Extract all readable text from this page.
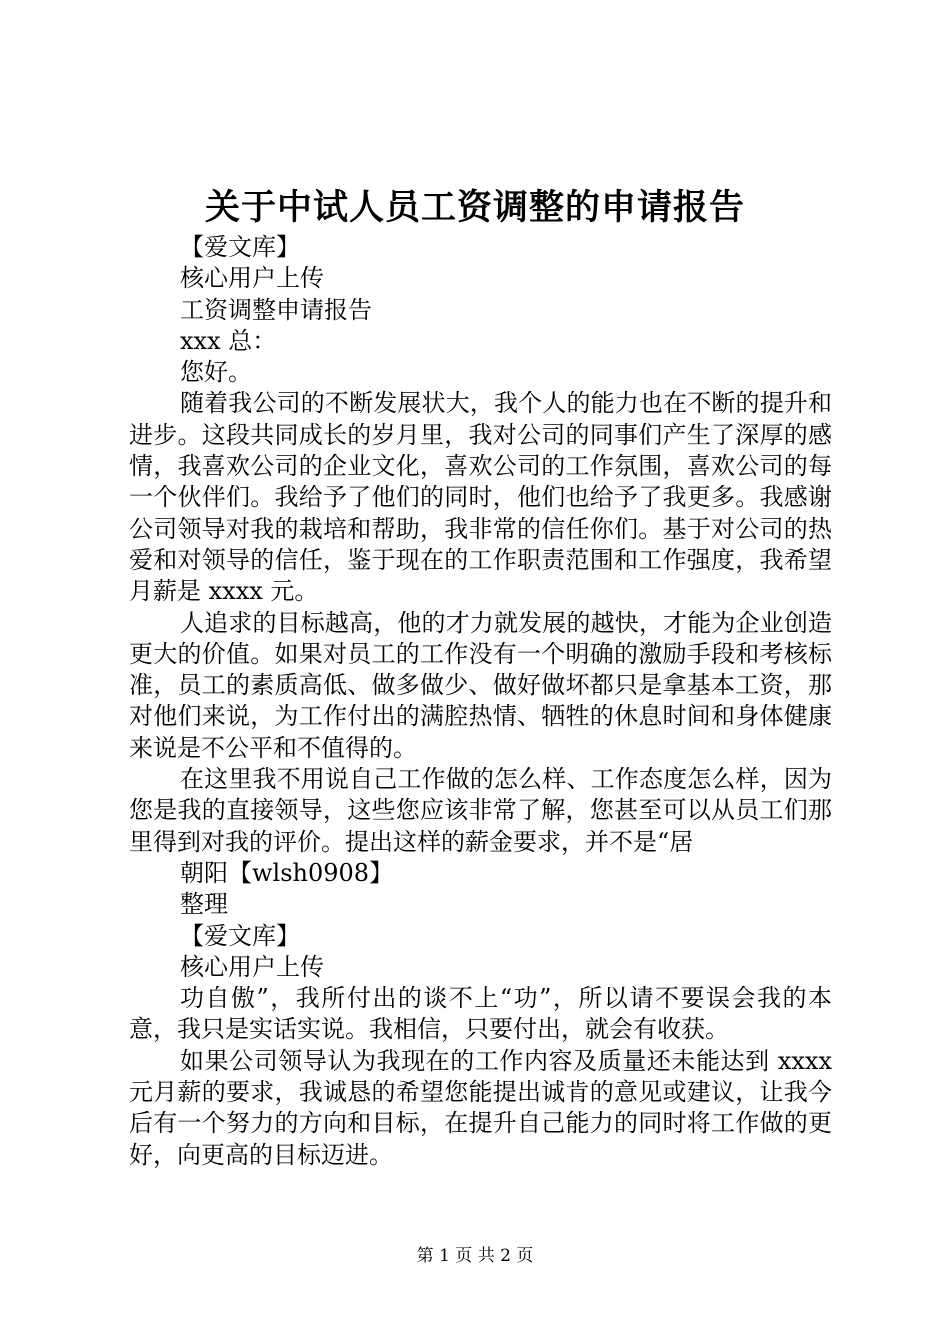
关于中试人员工资调整的申请报告
【爱文库】
核心用户上传
工资调整申请报告
xxx 总：
您好。
随着我公司的不断发展状大，我个人的能力也在不断的提升和进步。这段共同成长的岁月里，我对公司的同事们产生了深厚的感情，我喜欢公司的企业文化，喜欢公司的工作氛围，喜欢公司的每一个伙伴们。我给予了他们的同时，他们也给予了我更多。我感谢公司领导对我的栽培和帮助，我非常的信任你们。基于对公司的热爱和对领导的信任，鉴于现在的工作职责范围和工作强度，我希望月薪是 xxxx 元。
人追求的目标越高，他的才力就发展的越快，才能为企业创造更大的价值。如果对员工的工作没有一个明确的激励手段和考核标准，员工的素质高低、做多做少、做好做坏都只是拿基本工资，那对他们来说，为工作付出的满腔热情、牺牲的休息时间和身体健康来说是不公平和不值得的。
在这里我不用说自己工作做的怎么样、工作态度怎么样，因为您是我的直接领导，这些您应该非常了解，您甚至可以从员工们那里得到对我的评价。提出这样的薪金要求，并不是“居
朝阳【wlsh0908】
整理
【爱文库】
核心用户上传
功自傲”，我所付出的谈不上“功”，所以请不要误会我的本意，我只是实话实说。我相信，只要付出，就会有收获。
如果公司领导认为我现在的工作内容及质量还未能达到 xxxx 元月薪的要求，我诚恳的希望您能提出诚肯的意见或建议，让我今后有一个努力的方向和目标，在提升自己能力的同时将工作做的更好，向更高的目标迈进。
第 1 页 共 2 页
